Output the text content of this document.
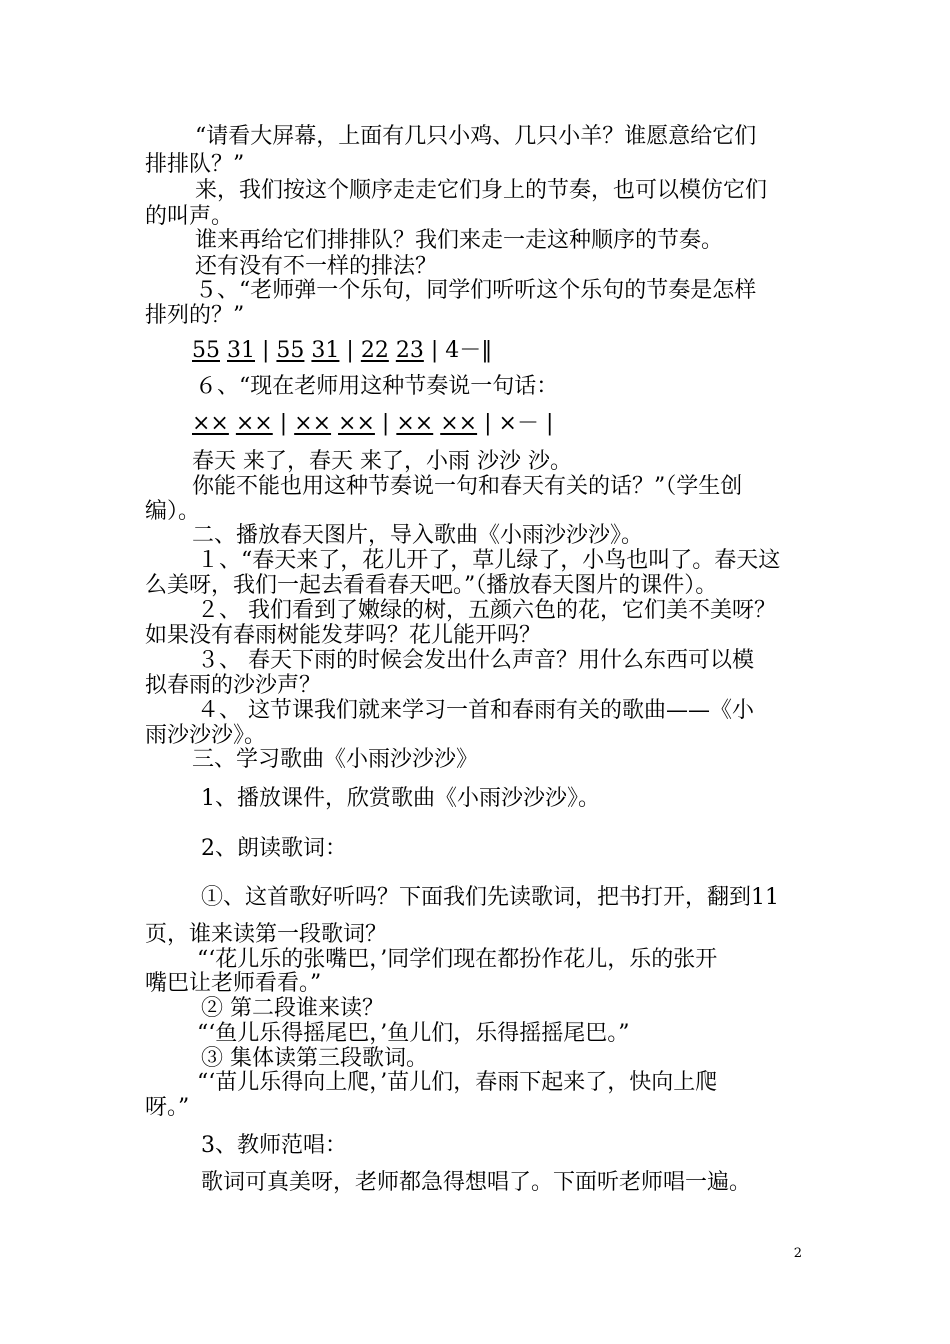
“请看大屏幕，上面有几只小鸡、几只小羊？谁愿意给它们
排排队？”
来，我们按这个顺序走走它们身上的节奏，也可以模仿它们
的叫声。
谁来再给它们排排队？我们来走一走这种顺序的节奏。
还有没有不一样的排法？
５、“老师弹一个乐句，同学们听听这个乐句的节奏是怎样
排列的？”
55 31 | 55 31 | 22 23 | 4－‖
６、“现在老师用这种节奏说一句话：
×× ×× | ×× ×× | ×× ×× | ×－ |
春天 来了，春天 来了，小雨 沙沙 沙。
你能不能也用这种节奏说一句和春天有关的话？”（学生创
编）。
二、播放春天图片，导入歌曲《小雨沙沙沙》。
１、“春天来了，花儿开了，草儿绿了，小鸟也叫了。春天这
么美呀，我们一起去看看春天吧。”（播放春天图片的课件）。
２、 我们看到了嫩绿的树，五颜六色的花，它们美不美呀？
如果没有春雨树能发芽吗？花儿能开吗？
３、 春天下雨的时候会发出什么声音？用什么东西可以模
拟春雨的沙沙声？
４、 这节课我们就来学习一首和春雨有关的歌曲——《小
雨沙沙沙》。
三、学习歌曲《小雨沙沙沙》
1、播放课件，欣赏歌曲《小雨沙沙沙》。
2、朗读歌词：
①、这首歌好听吗？下面我们先读歌词，把书打开，翻到11
页，谁来读第一段歌词？
“‘花儿乐的张嘴巴，’同学们现在都扮作花儿，乐的张开
嘴巴让老师看看。”
② 第二段谁来读？
“‘鱼儿乐得摇尾巴，’鱼儿们，乐得摇摇尾巴。”
③ 集体读第三段歌词。
“‘苗儿乐得向上爬，’苗儿们，春雨下起来了，快向上爬
呀。”
3、教师范唱：
歌词可真美呀，老师都急得想唱了。下面听老师唱一遍。
2
